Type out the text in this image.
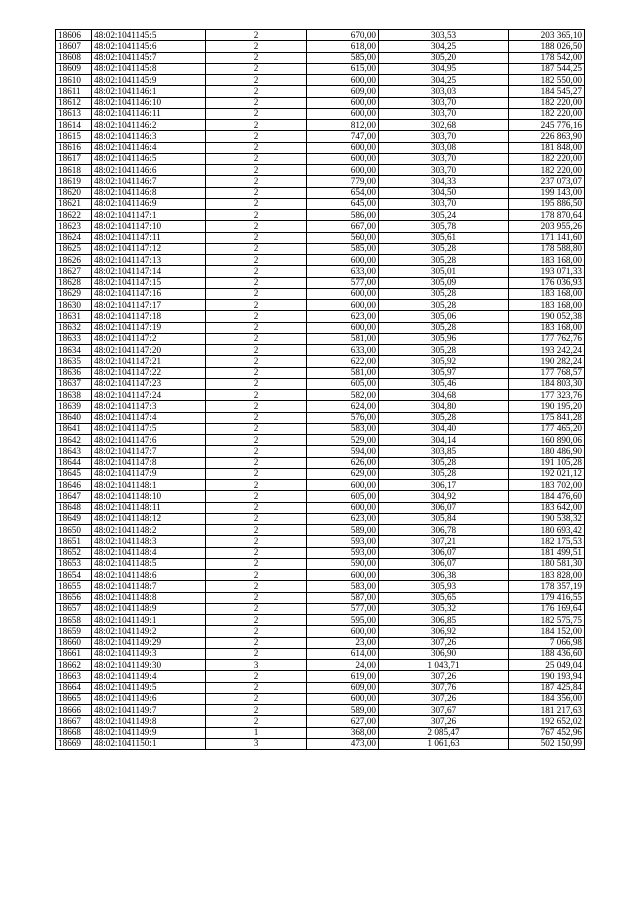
18606	48:02:1041145:5	2	670,00	303,53	203 365,10
18607	48:02:1041145:6	2	618,00	304,25	188 026,50
18608	48:02:1041145:7	2	585,00	305,20	178 542,00
18609	48:02:1041145:8	2	615,00	304,95	187 544,25
18610	48:02:1041145:9	2	600,00	304,25	182 550,00
18611	48:02:1041146:1	2	609,00	303,03	184 545,27
18612	48:02:1041146:10	2	600,00	303,70	182 220,00
18613	48:02:1041146:11	2	600,00	303,70	182 220,00
18614	48:02:1041146:2	2	812,00	302,68	245 776,16
18615	48:02:1041146:3	2	747,00	303,70	226 863,90
18616	48:02:1041146:4	2	600,00	303,08	181 848,00
18617	48:02:1041146:5	2	600,00	303,70	182 220,00
18618	48:02:1041146:6	2	600,00	303,70	182 220,00
18619	48:02:1041146:7	2	779,00	304,33	237 073,07
18620	48:02:1041146:8	2	654,00	304,50	199 143,00
18621	48:02:1041146:9	2	645,00	303,70	195 886,50
18622	48:02:1041147:1	2	586,00	305,24	178 870,64
18623	48:02:1041147:10	2	667,00	305,78	203 955,26
18624	48:02:1041147:11	2	560,00	305,61	171 141,60
18625	48:02:1041147:12	2	585,00	305,28	178 588,80
18626	48:02:1041147:13	2	600,00	305,28	183 168,00
18627	48:02:1041147:14	2	633,00	305,01	193 071,33
18628	48:02:1041147:15	2	577,00	305,09	176 036,93
18629	48:02:1041147:16	2	600,00	305,28	183 168,00
18630	48:02:1041147:17	2	600,00	305,28	183 168,00
18631	48:02:1041147:18	2	623,00	305,06	190 052,38
18632	48:02:1041147:19	2	600,00	305,28	183 168,00
18633	48:02:1041147:2	2	581,00	305,96	177 762,76
18634	48:02:1041147:20	2	633,00	305,28	193 242,24
18635	48:02:1041147:21	2	622,00	305,92	190 282,24
18636	48:02:1041147:22	2	581,00	305,97	177 768,57
18637	48:02:1041147:23	2	605,00	305,46	184 803,30
18638	48:02:1041147:24	2	582,00	304,68	177 323,76
18639	48:02:1041147:3	2	624,00	304,80	190 195,20
18640	48:02:1041147:4	2	576,00	305,28	175 841,28
18641	48:02:1041147:5	2	583,00	304,40	177 465,20
18642	48:02:1041147:6	2	529,00	304,14	160 890,06
18643	48:02:1041147:7	2	594,00	303,85	180 486,90
18644	48:02:1041147:8	2	626,00	305,28	191 105,28
18645	48:02:1041147:9	2	629,00	305,28	192 021,12
18646	48:02:1041148:1	2	600,00	306,17	183 702,00
18647	48:02:1041148:10	2	605,00	304,92	184 476,60
18648	48:02:1041148:11	2	600,00	306,07	183 642,00
18649	48:02:1041148:12	2	623,00	305,84	190 538,32
18650	48:02:1041148:2	2	589,00	306,78	180 693,42
18651	48:02:1041148:3	2	593,00	307,21	182 175,53
18652	48:02:1041148:4	2	593,00	306,07	181 499,51
18653	48:02:1041148:5	2	590,00	306,07	180 581,30
18654	48:02:1041148:6	2	600,00	306,38	183 828,00
18655	48:02:1041148:7	2	583,00	305,93	178 357,19
18656	48:02:1041148:8	2	587,00	305,65	179 416,55
18657	48:02:1041148:9	2	577,00	305,32	176 169,64
18658	48:02:1041149:1	2	595,00	306,85	182 575,75
18659	48:02:1041149:2	2	600,00	306,92	184 152,00
18660	48:02:1041149:29	2	23,00	307,26	7 066,98
18661	48:02:1041149:3	2	614,00	306,90	188 436,60
18662	48:02:1041149:30	3	24,00	1 043,71	25 049,04
18663	48:02:1041149:4	2	619,00	307,26	190 193,94
18664	48:02:1041149:5	2	609,00	307,76	187 425,84
18665	48:02:1041149:6	2	600,00	307,26	184 356,00
18666	48:02:1041149:7	2	589,00	307,67	181 217,63
18667	48:02:1041149:8	2	627,00	307,26	192 652,02
18668	48:02:1041149:9	1	368,00	2 085,47	767 452,96
18669	48:02:1041150:1	3	473,00	1 061,63	502 150,99
